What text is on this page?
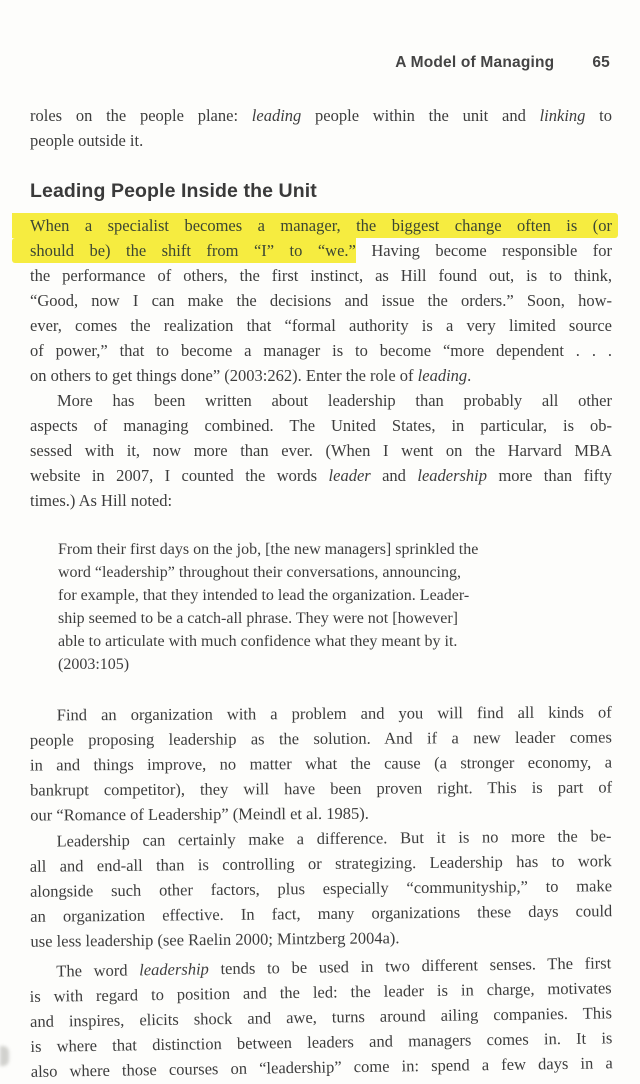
A Model of Managing 65
roles on the people plane: leading people within the unit and linking to
people outside it.
Leading People Inside the Unit
When a specialist becomes a manager, the biggest change often is (or
should be) the shift from “I” to “we.” Having become responsible for
the performance of others, the first instinct, as Hill found out, is to think,
“Good, now I can make the decisions and issue the orders.” Soon, how-
ever, comes the realization that “formal authority is a very limited source
of power,” that to become a manager is to become “more dependent . . .
on others to get things done” (2003:262). Enter the role of leading.
More has been written about leadership than probably all other
aspects of managing combined. The United States, in particular, is ob-
sessed with it, now more than ever. (When I went on the Harvard MBA
website in 2007, I counted the words leader and leadership more than fifty
times.) As Hill noted:
From their first days on the job, [the new managers] sprinkled the
word “leadership” throughout their conversations, announcing,
for example, that they intended to lead the organization. Leader-
ship seemed to be a catch-all phrase. They were not [however]
able to articulate with much confidence what they meant by it.
(2003:105)
Find an organization with a problem and you will find all kinds of
people proposing leadership as the solution. And if a new leader comes
in and things improve, no matter what the cause (a stronger economy, a
bankrupt competitor), they will have been proven right. This is part of
our “Romance of Leadership” (Meindl et al. 1985).
Leadership can certainly make a difference. But it is no more the be-
all and end-all than is controlling or strategizing. Leadership has to work
alongside such other factors, plus especially “communityship,” to make
an organization effective. In fact, many organizations these days could
use less leadership (see Raelin 2000; Mintzberg 2004a).
The word leadership tends to be used in two different senses. The first
is with regard to position and the led: the leader is in charge, motivates
and inspires, elicits shock and awe, turns around ailing companies. This
is where that distinction between leaders and managers comes in. It is
also where those courses on “leadership” come in: spend a few days in a
